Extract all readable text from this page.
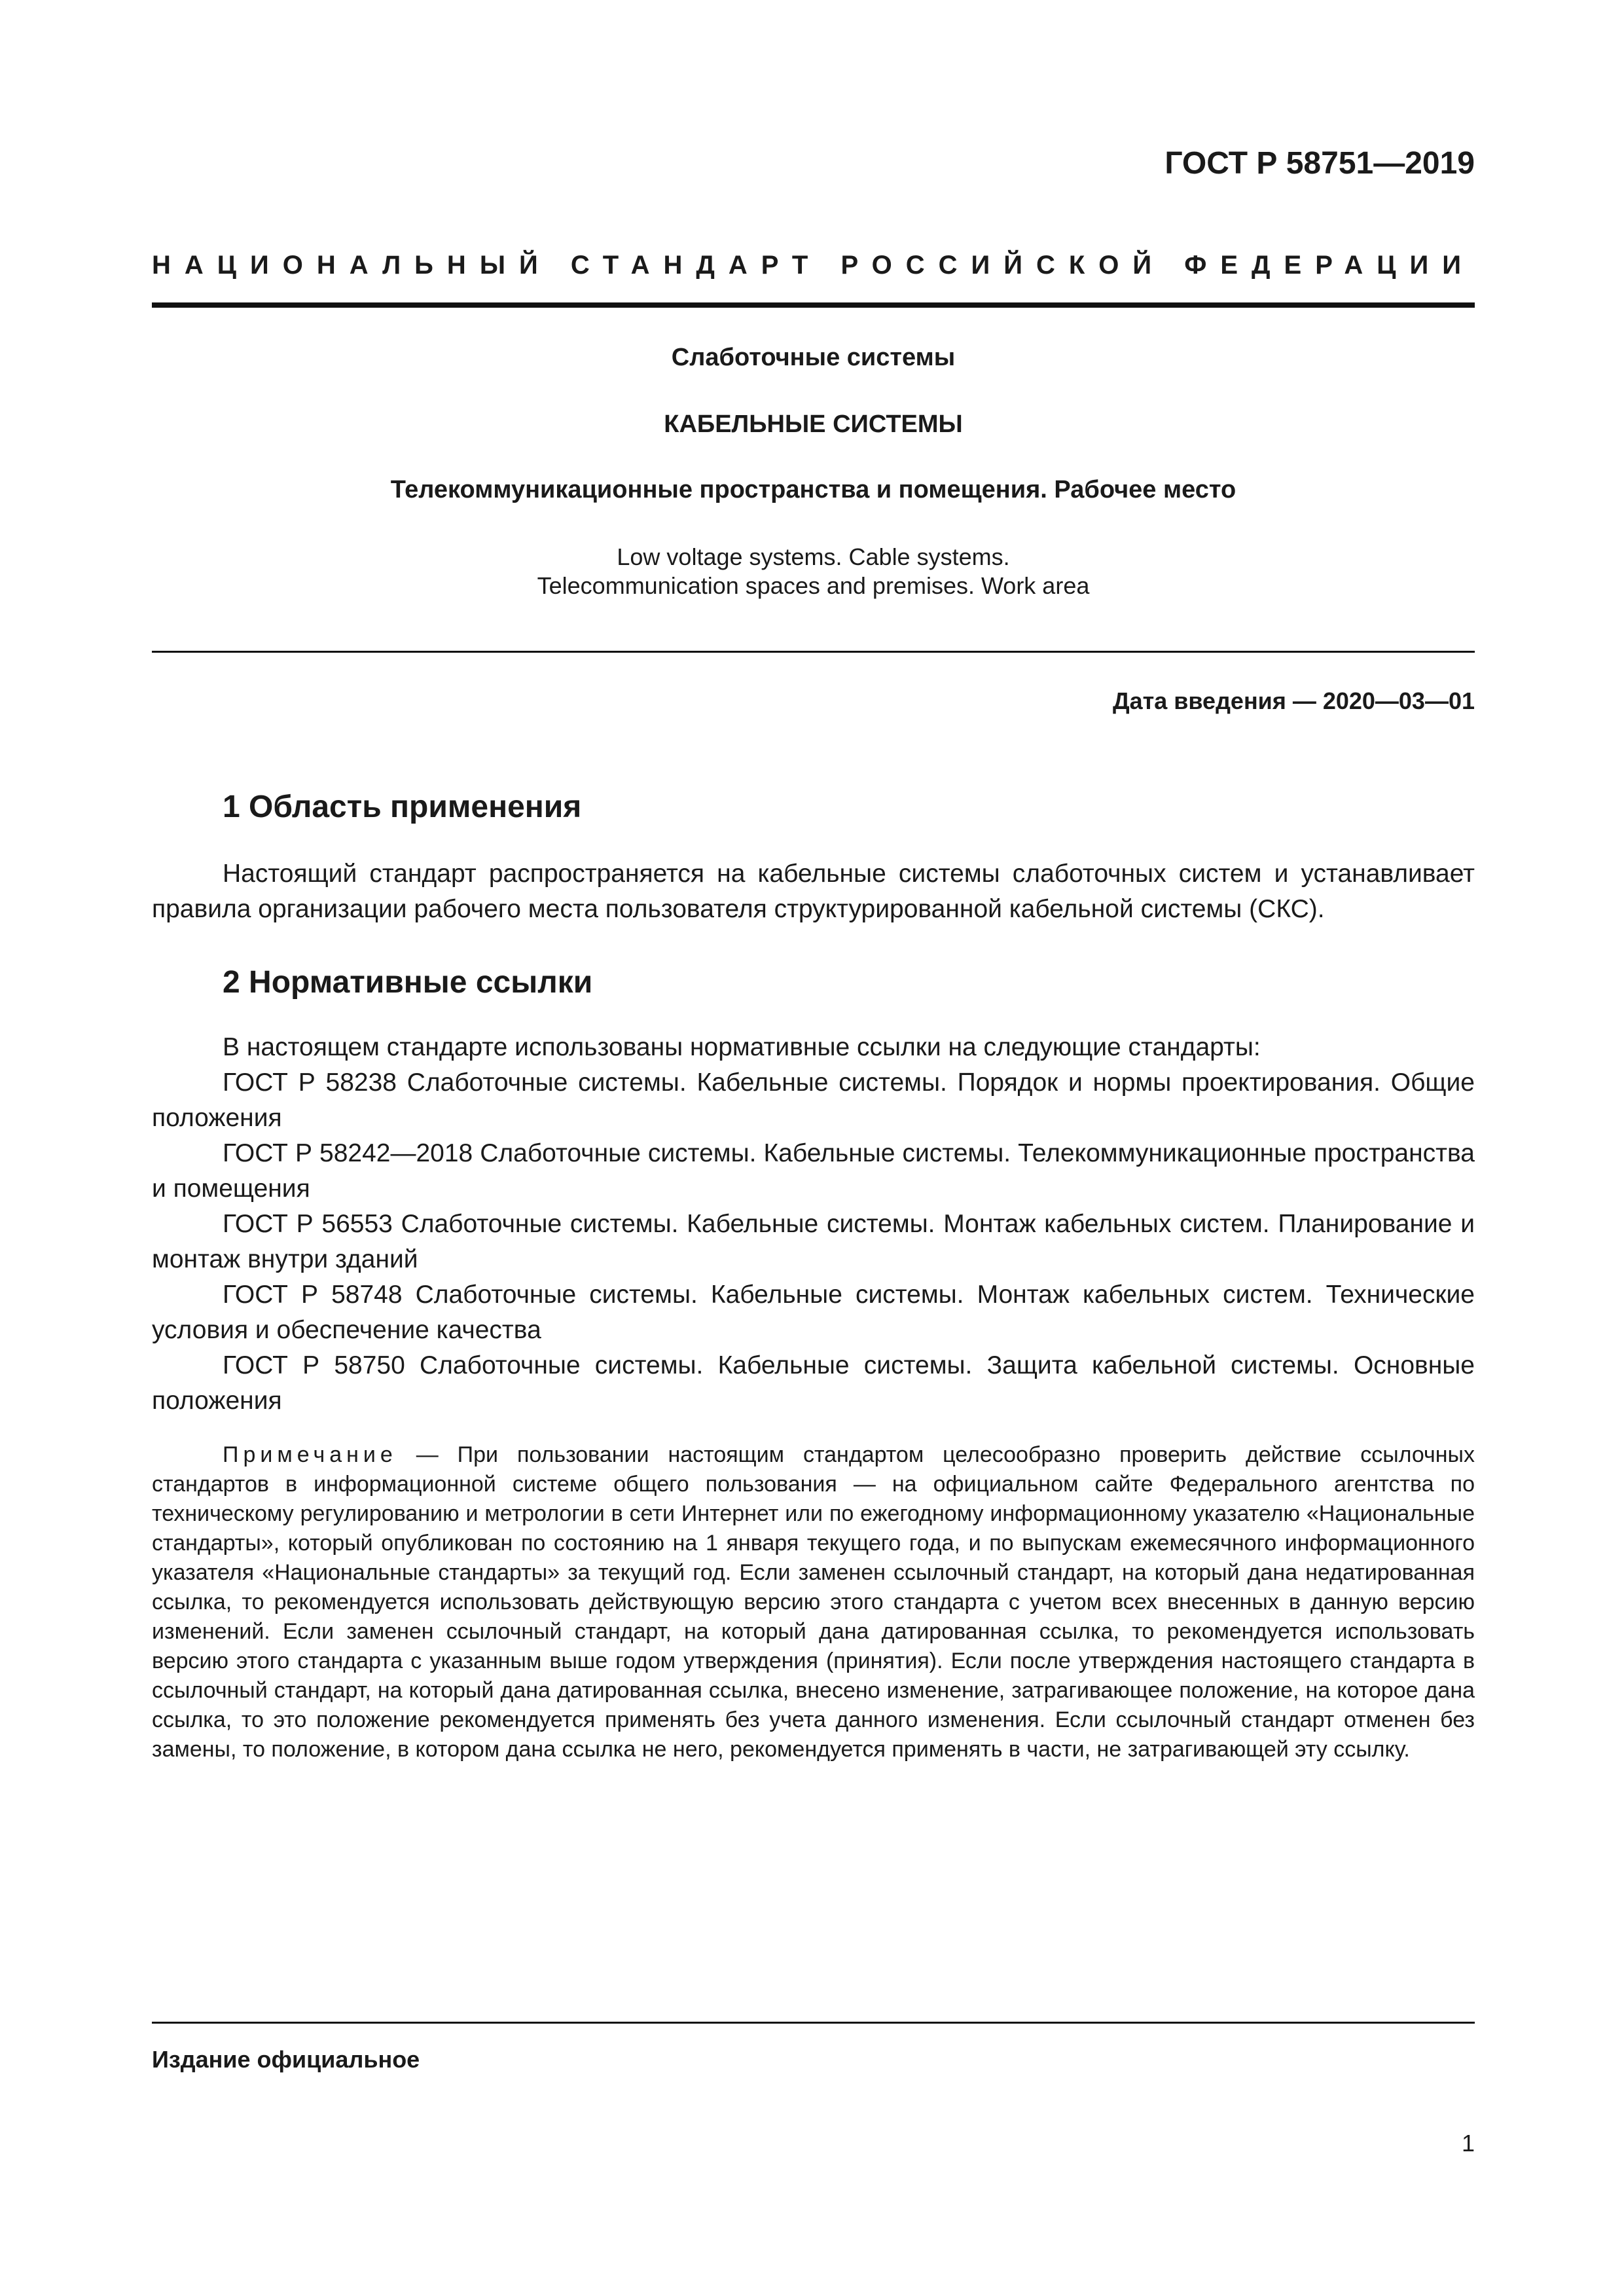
ГОСТ Р 58751—2019
НАЦИОНАЛЬНЫЙ СТАНДАРТ РОССИЙСКОЙ ФЕДЕРАЦИИ
Слаботочные системы
КАБЕЛЬНЫЕ СИСТЕМЫ
Телекоммуникационные пространства и помещения. Рабочее место
Low voltage systems. Cable systems.
Telecommunication spaces and premises. Work area
Дата введения — 2020—03—01
1 Область применения
Настоящий стандарт распространяется на кабельные системы слаботочных систем и устанавливает правила организации рабочего места пользователя структурированной кабельной системы (СКС).
2 Нормативные ссылки
В настоящем стандарте использованы нормативные ссылки на следующие стандарты:
ГОСТ Р 58238 Слаботочные системы. Кабельные системы. Порядок и нормы проектирования. Общие положения
ГОСТ Р 58242—2018 Слаботочные системы. Кабельные системы. Телекоммуникационные пространства и помещения
ГОСТ Р 56553 Слаботочные системы. Кабельные системы. Монтаж кабельных систем. Планирование и монтаж внутри зданий
ГОСТ Р 58748 Слаботочные системы. Кабельные системы. Монтаж кабельных систем. Технические условия и обеспечение качества
ГОСТ Р 58750 Слаботочные системы. Кабельные системы. Защита кабельной системы. Основные положения
Примечание — При пользовании настоящим стандартом целесообразно проверить действие ссылочных стандартов в информационной системе общего пользования — на официальном сайте Федерального агентства по техническому регулированию и метрологии в сети Интернет или по ежегодному информационному указателю «Национальные стандарты», который опубликован по состоянию на 1 января текущего года, и по выпускам ежемесячного информационного указателя «Национальные стандарты» за текущий год. Если заменен ссылочный стандарт, на который дана недатированная ссылка, то рекомендуется использовать действующую версию этого стандарта с учетом всех внесенных в данную версию изменений. Если заменен ссылочный стандарт, на который дана датированная ссылка, то рекомендуется использовать версию этого стандарта с указанным выше годом утверждения (принятия). Если после утверждения настоящего стандарта в ссылочный стандарт, на который дана датированная ссылка, внесено изменение, затрагивающее положение, на которое дана ссылка, то это положение рекомендуется применять без учета данного изменения. Если ссылочный стандарт отменен без замены, то положение, в котором дана ссылка не него, рекомендуется применять в части, не затрагивающей эту ссылку.
Издание официальное
1
